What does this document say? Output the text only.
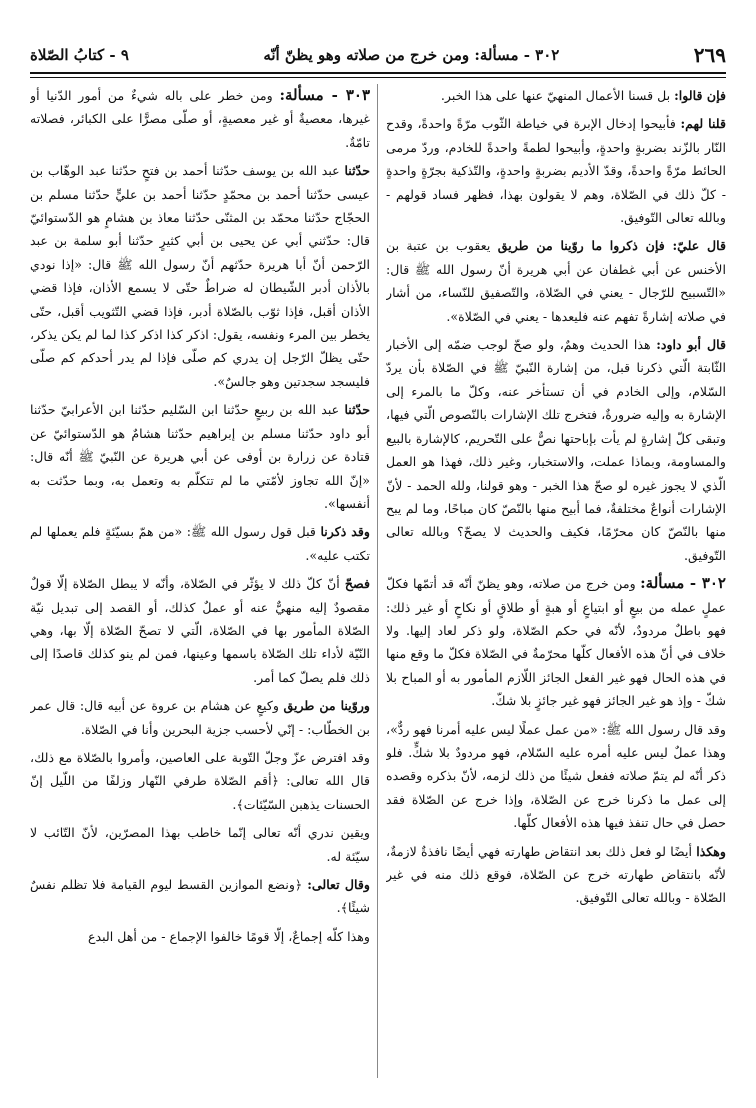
٢٦٩
٣٠٢ - مسألة: ومن خرج من صلاته وهو يظنّ أنّه
٩ - كتابُ الصّلاة

فإن قالوا: بل قسنا الأعمال المنهيّ عنها على هذا الخبر.

قلنا لهم: فأبيحوا إدخال الإبرة في خياطة الثّوب مرّةً واحدةً، وقدح النّار بالزّند بضربةٍ واحدةٍ، وأبيحوا لطمةً واحدةً للخادم، وردّ مرمى الحائط مرّةً واحدةً، وقدّ الأديم بضربةٍ واحدةٍ، والتّذكية بجرّةٍ واحدةٍ - كلّ ذلك في الصّلاة، وهم لا يقولون بهذا، فظهر فساد قولهم - وبالله تعالى التّوفيق.

قال عليّ: فإن ذكروا ما روّينا من طريق يعقوب بن عتبة بن الأخنس عن أبي غطفان عن أبي هريرة أنّ رسول الله ﷺ قال: «التّسبيح للرّجال - يعني في الصّلاة، والتّصفيق للنّساء، من أشار في صلاته إشارةً تفهم عنه فليعدها - يعني في الصّلاة».

قال أبو داود: هذا الحديث وهمٌ، ولو صحّ لوجب ضمّه إلى الأخبار الثّابتة الّتي ذكرنا قبل، من إشارة النّبيّ ﷺ في الصّلاة بأن يردّ السّلام، وإلى الخادم في أن تستأخر عنه، وكلّ ما بالمرء إلى الإشارة به وإليه ضرورةٌ، فتخرج تلك الإشارات بالنّصوص الّتي فيها، وتبقى كلّ إشارةٍ لم يأت بإباحتها نصٌّ على التّحريم، كالإشارة بالبيع والمساومة، وبماذا عملت، والاستخبار، وغير ذلك، فهذا هو العمل الّذي لا يجوز غيره لو صحّ هذا الخبر - وهو قولنا، ولله الحمد - لأنّ الإشارات أنواعٌ مختلفةٌ، فما أبيح منها بالنّصّ كان مباحًا، وما لم يبح منها بالنّصّ كان محرّمًا، فكيف والحديث لا يصحّ؟ وبالله تعالى التّوفيق.

٣٠٢ - مسألة: ومن خرج من صلاته، وهو يظنّ أنّه قد أتمّها فكلّ عملٍ عمله من بيعٍ أو ابتياعٍ أو هبةٍ أو طلاقٍ أو نكاحٍ أو غير ذلك: فهو باطلٌ مردودٌ، لأنّه في حكم الصّلاة، ولو ذكر لعاد إليها. ولا خلاف في أنّ هذه الأفعال كلّها محرّمةٌ في الصّلاة فكلّ ما وقع منها في هذه الحال فهو غير الفعل الجائز اللّازم المأمور به أو المباح بلا شكّ - وإذ هو غير الجائز فهو غير جائزٍ بلا شكّ.

وقد قال رسول الله ﷺ: «من عمل عملًا ليس عليه أمرنا فهو ردٌّ»، وهذا عملٌ ليس عليه أمره عليه السّلام، فهو مردودٌ بلا شكٍّ. فلو ذكر أنّه لم يتمّ صلاته ففعل شيئًا من ذلك لزمه، لأنّ بذكره وقصده إلى عمل ما ذكرنا خرج عن الصّلاة، وإذا خرج عن الصّلاة فقد حصل في حال تنفذ فيها هذه الأفعال كلّها.

وهكذا أيضًا لو فعل ذلك بعد انتقاض طهارته فهي أيضًا نافذةٌ لازمةٌ، لأنّه بانتقاض طهارته خرج عن الصّلاة، فوقع ذلك منه في غير الصّلاة - وبالله تعالى التّوفيق.

٣٠٣ - مسألة: ومن خطر على باله شيءٌ من أمور الدّنيا أو غيرها، معصيةٌ أو غير معصيةٍ، أو صلّى مصرًّا على الكبائر، فصلاته تامّةٌ.

حدّثنا عبد الله بن يوسف حدّثنا أحمد بن فتحٍ حدّثنا عبد الوهّاب بن عيسى حدّثنا أحمد بن محمّدٍ حدّثنا أحمد بن عليٍّ حدّثنا مسلم بن الحجّاج حدّثنا محمّد بن المثنّى حدّثنا معاذ بن هشامٍ هو الدّستوائيّ قال: حدّثني أبي عن يحيى بن أبي كثيرٍ حدّثنا أبو سلمة بن عبد الرّحمن أنّ أبا هريرة حدّثهم أنّ رسول الله ﷺ قال: «إذا نودي بالأذان أدبر الشّيطان له ضراطٌ حتّى لا يسمع الأذان، فإذا قضي الأذان أقبل، فإذا ثوّب بالصّلاة أدبر، فإذا قضي التّثويب أقبل، حتّى يخطر بين المرء ونفسه، يقول: اذكر كذا اذكر كذا لما لم يكن يذكر، حتّى يظلّ الرّجل إن يدري كم صلّى فإذا لم يدر أحدكم كم صلّى فليسجد سجدتين وهو جالسٌ».

حدّثنا عبد الله بن ربيعٍ حدّثنا ابن السّليم حدّثنا ابن الأعرابيّ حدّثنا أبو داود حدّثنا مسلم بن إبراهيم حدّثنا هشامٌ هو الدّستوائيّ عن قتادة عن زرارة بن أوفى عن أبي هريرة عن النّبيّ ﷺ أنّه قال: «إنّ الله تجاوز لأمّتي ما لم تتكلّم به وتعمل به، وبما حدّثت به أنفسها».

وقد ذكرنا قبل قول رسول الله ﷺ: «من همّ بسيّئةٍ فلم يعملها لم تكتب عليه».

فصحّ أنّ كلّ ذلك لا يؤثّر في الصّلاة، وأنّه لا يبطل الصّلاة إلّا قولٌ مقصودٌ إليه منهيٌّ عنه أو عملٌ كذلك، أو القصد إلى تبديل نيّة الصّلاة المأمور بها في الصّلاة، الّتي لا تصحّ الصّلاة إلّا بها، وهي النّيّة لأداء تلك الصّلاة باسمها وعينها، فمن لم ينو كذلك قاصدًا إلى ذلك فلم يصلّ كما أمر.

وروّينا من طريق وكيعٍ عن هشام بن عروة عن أبيه قال: قال عمر بن الخطّاب: - إنّي لأحسب جزية البحرين وأنا في الصّلاة.

وقد افترض عزّ وجلّ التّوبة على العاصين، وأمروا بالصّلاة مع ذلك، قال الله تعالى: ﴿أقم الصّلاة طرفي النّهار وزلفًا من اللّيل إنّ الحسنات يذهبن السّيّئات﴾.

ويقين ندري أنّه تعالى إنّما خاطب بهذا المصرّين، لأنّ التّائب لا سيّئة له.

وقال تعالى: ﴿ونضع الموازين القسط ليوم القيامة فلا تظلم نفسٌ شيئًا﴾.

وهذا كلّه إجماعٌ، إلّا قومًا خالفوا الإجماع - من أهل البدع
